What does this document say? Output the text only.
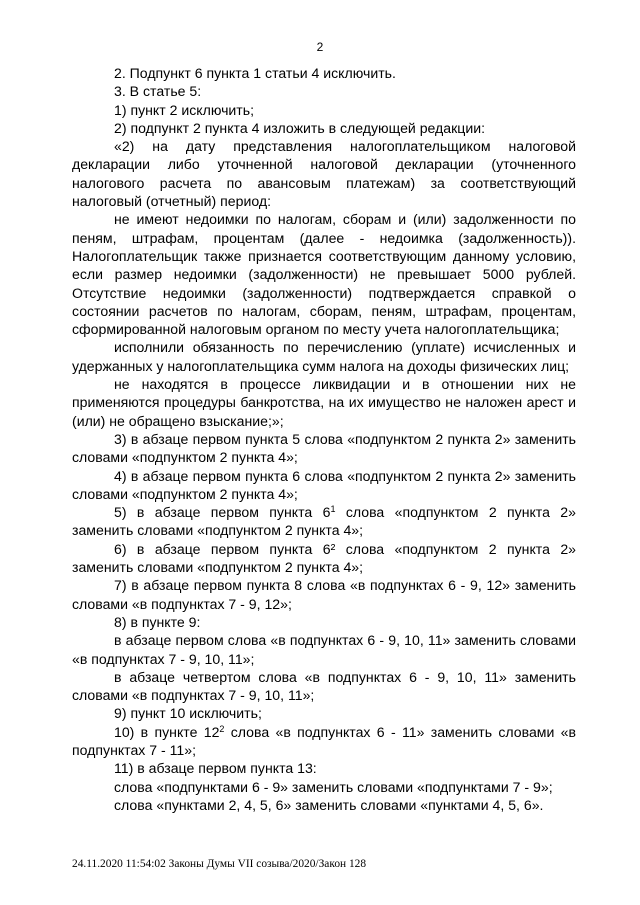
2

2. Подпункт 6 пункта 1 статьи 4 исключить.

3. В статье 5:

1) пункт 2 исключить;

2) подпункт 2 пункта 4 изложить в следующей редакции:

«2) на дату представления налогоплательщиком налоговой декларации либо уточненной налоговой декларации (уточненного налогового расчета по авансовым платежам) за соответствующий налоговый (отчетный) период:

не имеют недоимки по налогам, сборам и (или) задолженности по пеням, штрафам, процентам (далее - недоимка (задолженность)). Налогоплательщик также признается соответствующим данному условию, если размер недоимки (задолженности) не превышает 5000 рублей. Отсутствие недоимки (задолженности) подтверждается справкой о состоянии расчетов по налогам, сборам, пеням, штрафам, процентам, сформированной налоговым органом по месту учета налогоплательщика;

исполнили обязанность по перечислению (уплате) исчисленных и удержанных у налогоплательщика сумм налога на доходы физических лиц;

не находятся в процессе ликвидации и в отношении них не применяются процедуры банкротства, на их имущество не наложен арест и (или) не обращено взыскание;»;

3) в абзаце первом пункта 5 слова «подпунктом 2 пункта 2» заменить словами «подпунктом 2 пункта 4»;

4) в абзаце первом пункта 6 слова «подпунктом 2 пункта 2» заменить словами «подпунктом 2 пункта 4»;

5) в абзаце первом пункта $6^1$ слова «подпунктом 2 пункта 2» заменить словами «подпунктом 2 пункта 4»;

6) в абзаце первом пункта 6² слова «подпунктом 2 пункта 2» заменить словами «подпунктом 2 пункта 4»;

7) в абзаце первом пункта 8 слова «в подпунктах 6 - 9, 12» заменить словами «в подпунктах 7 - 9, 12»;

8) в пункте 9:

в абзаце первом слова «в подпунктах 6 - 9, 10, 11» заменить словами «в подпунктах 7 - 9, 10, 11»;

в абзаце четвертом слова «в подпунктах 6 - 9, 10, 11» заменить словами «в подпунктах 7 - 9, 10, 11»;

9) пункт 10 исключить;

10) в пункте $12^2$ слова «в подпунктах 6 - 11» заменить словами «в подпунктах 7 - 11»;

11) в абзаце первом пункта 13:

слова «подпунктами 6 - 9» заменить словами «подпунктами 7 - 9»;

слова «пунктами 2, 4, 5, 6» заменить словами «пунктами 4, 5, 6».

24.11.2020 11:54:02 Законы Думы VII созыва/2020/Закон 128
